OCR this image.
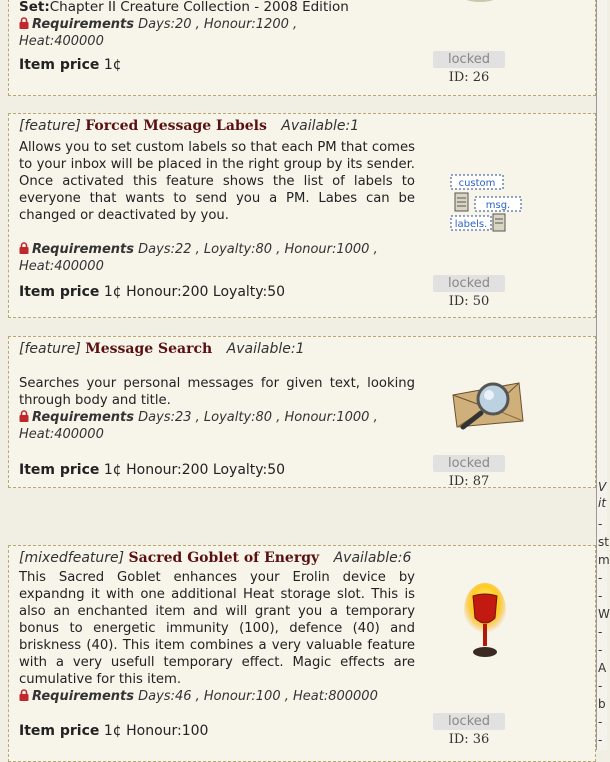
Set:Chapter II Creature Collection - 2008 Edition
Requirements Days:20 , Honour:1200 ,
Heat:400000
Item price 1¢	locked
ID: 26
[feature] Forced Message Labels Available:1
Allows you to set custom labels so that each PM that comes to your inbox will be placed in the right group by its sender. Once activated this feature shows the list of labels to everyone that wants to send you a PM. Labes can be changed or deactivated by you.
Requirements Days:22 , Loyalty:80 , Honour:1000 , Heat:400000
Item price 1¢ Honour:200 Loyalty:50
locked
ID: 50
custom
msg.
labels.
[feature] Message Search Available:1
Searches your personal messages for given text, looking through body and title.
Requirements Days:23 , Loyalty:80 , Honour:1000 , Heat:400000
Item price 1¢ Honour:200 Loyalty:50	locked
ID: 87
[mixedfeature] Sacred Goblet of Energy Available:6
This Sacred Goblet enhances your Erolin device by expandng it with one additional Heat storage slot. This is also an enchanted item and will grant you a temporary bonus to energetic immunity (100), defence (40) and briskness (40). This item combines a very valuable feature with a very usefull temporary effect. Magic effects are cumulative for this item.
Requirements Days:46 , Honour:100 , Heat:800000
Item price 1¢ Honour:100
locked
ID: 36
V
it
-
st
m
-
-
W
-
-
A
-
b
-
-
